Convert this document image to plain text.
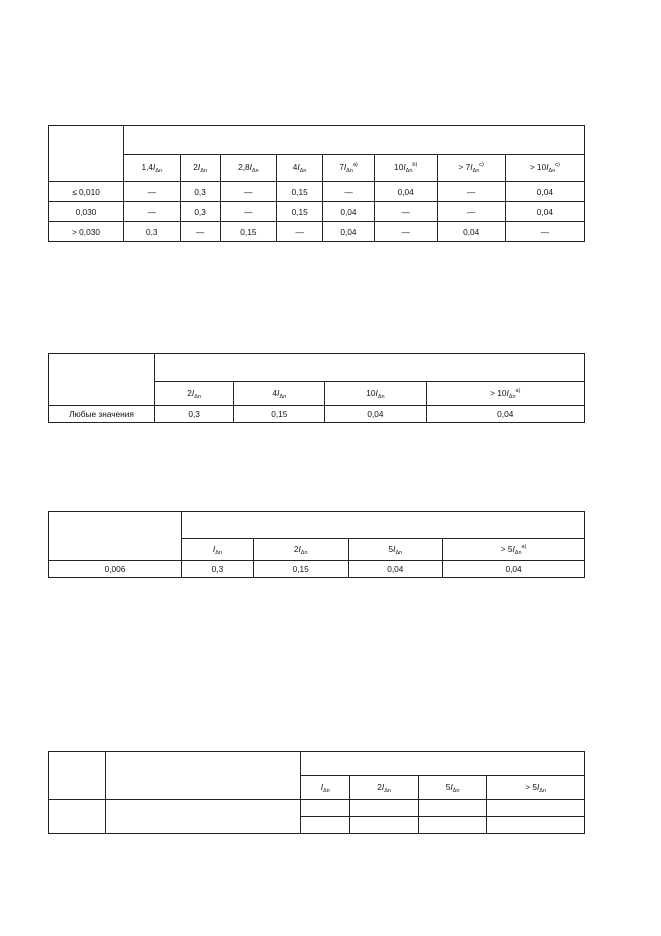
	$1,4I_{\Delta n}$	$2I_{\Delta n}$	$2,8I_{\Delta n}$	$4I_{\Delta n}$	$7I_{\Delta n}^{a)}$	$10I_{\Delta n}^{b)}$	> $7I_{\Delta n}^{c)}$	> $10I_{\Delta n}^{c)}$
≤ 0,010	—	0,3	—	0,15	—	0,04	—	0,04
0,030	—	0,3	—	0,15	0,04	—	—	0,04
> 0,030	0,3	—	0,15	—	0,04	—	0,04	—

	$2I_{\Delta n}$	$4I_{\Delta n}$	$10I_{\Delta n}$	> $10I_{\Delta n}^{a)}$
Любые значения	0,3	0,15	0,04	0,04

	$I_{\Delta n}$	$2I_{\Delta n}$	$5I_{\Delta n}$	> $5I_{\Delta n}^{a)}$
0,006	0,3	0,15	0,04	0,04

		$I_{\Delta n}$	$2I_{\Delta n}$	$5I_{\Delta n}$	> $5I_{\Delta n}$
